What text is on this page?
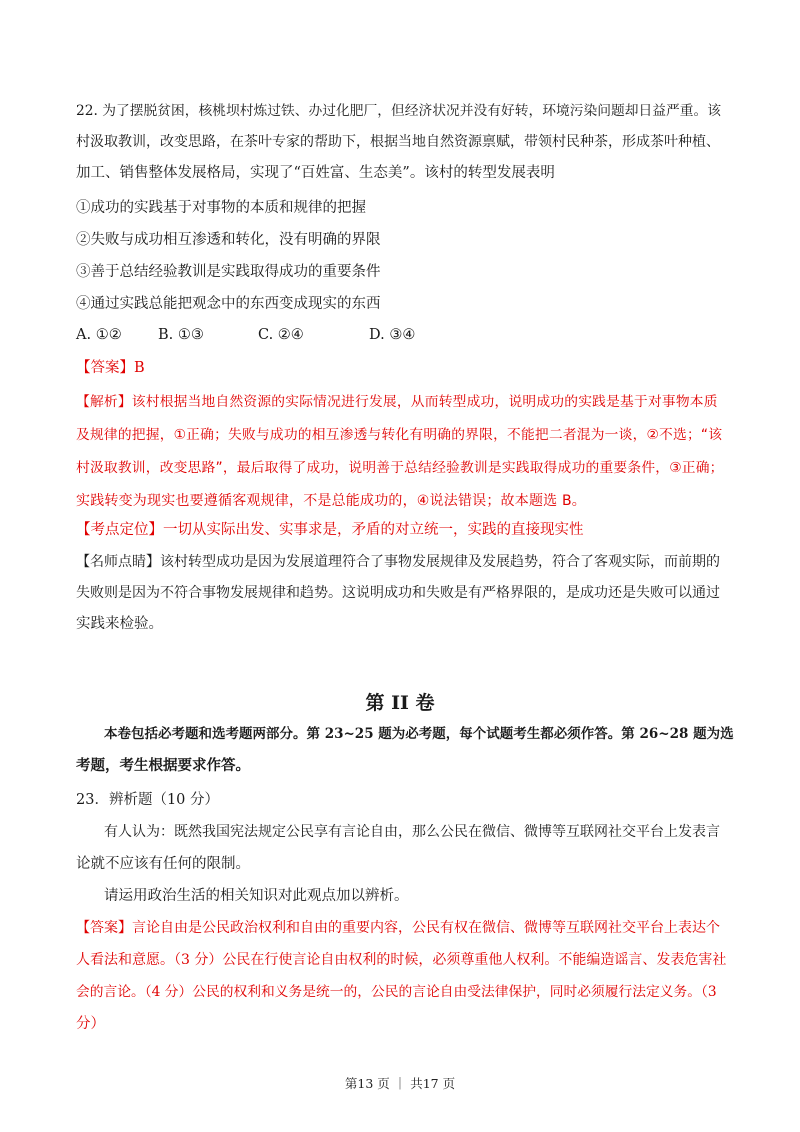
22. 为了摆脱贫困，核桃坝村炼过铁、办过化肥厂，但经济状况并没有好转，环境污染问题却日益严重。该
村汲取教训，改变思路，在茶叶专家的帮助下，根据当地自然资源禀赋，带领村民种茶，形成茶叶种植、
加工、销售整体发展格局，实现了“百姓富、生态美”。该村的转型发展表明
①成功的实践基于对事物的本质和规律的把握
②失败与成功相互渗透和转化，没有明确的界限
③善于总结经验教训是实践取得成功的重要条件
④通过实践总能把观念中的东西变成现实的东西
A. ①②	B. ①③	C. ②④	D. ③④
【答案】B
【解析】该村根据当地自然资源的实际情况进行发展，从而转型成功，说明成功的实践是基于对事物本质
及规律的把握，①正确；失败与成功的相互渗透与转化有明确的界限，不能把二者混为一谈，②不选；“该
村汲取教训，改变思路”，最后取得了成功，说明善于总结经验教训是实践取得成功的重要条件，③正确；
实践转变为现实也要遵循客观规律，不是总能成功的，④说法错误；故本题选 B。
【考点定位】一切从实际出发、实事求是，矛盾的对立统一，实践的直接现实性
【名师点睛】该村转型成功是因为发展道理符合了事物发展规律及发展趋势，符合了客观实际，而前期的
失败则是因为不符合事物发展规律和趋势。这说明成功和失败是有严格界限的，是成功还是失败可以通过
实践来检验。
第 II 卷
本卷包括必考题和选考题两部分。第 23~25 题为必考题，每个试题考生都必须作答。第 26~28 题为选
考题，考生根据要求作答。
23．辨析题（10 分）
有人认为：既然我国宪法规定公民享有言论自由，那么公民在微信、微博等互联网社交平台上发表言
论就不应该有任何的限制。
请运用政治生活的相关知识对此观点加以辨析。
【答案】言论自由是公民政治权利和自由的重要内容，公民有权在微信、微博等互联网社交平台上表达个
人看法和意愿。（3 分）公民在行使言论自由权利的时候，必须尊重他人权利。不能编造谣言、发表危害社
会的言论。（4 分）公民的权利和义务是统一的，公民的言论自由受法律保护，同时必须履行法定义务。（3
分）
第13 页 ｜ 共17 页
